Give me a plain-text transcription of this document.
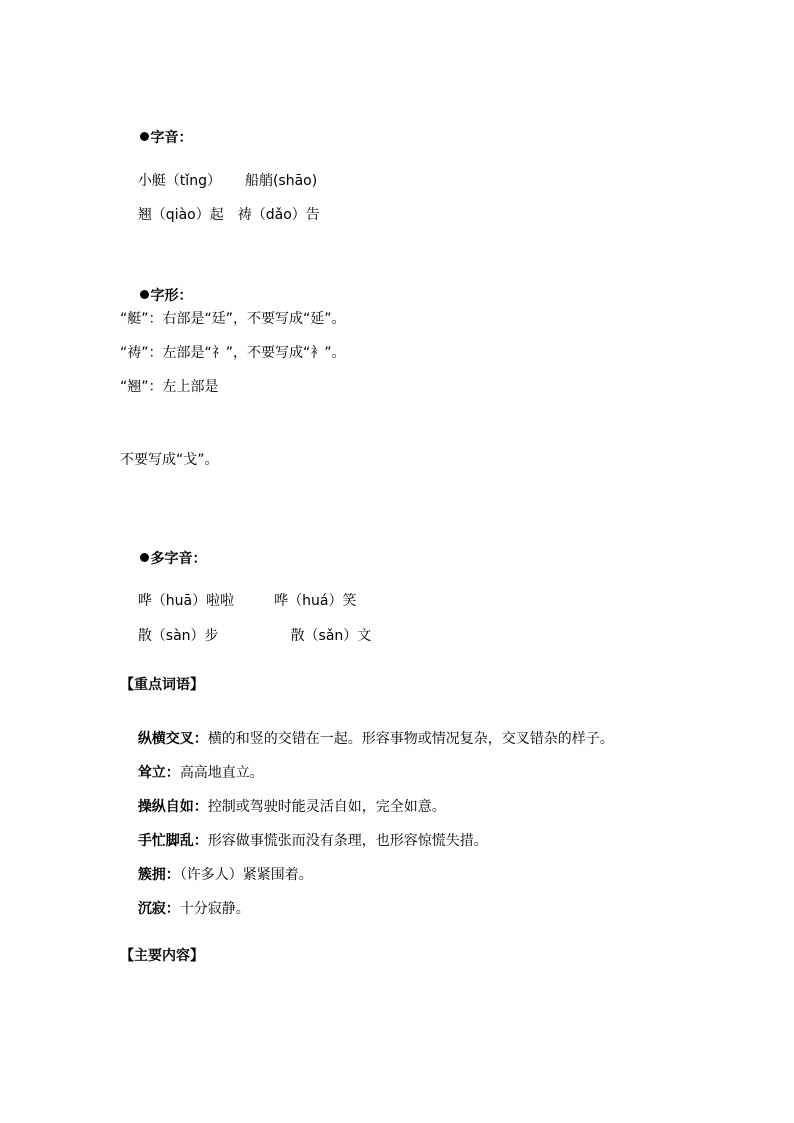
字音：

小艇（tǐng） 船艄(shāo)

翘（qiào）起 祷（dǎo）告

字形：

“艇”：右部是“廷”，不要写成“延”。
“祷”：左部是“礻”，不要写成“衤”。
“翘”：左上部是
不要写成“戈”。

多字音：

哗（huā）啦啦	哗（huá）笑

散（sàn）步	散（sǎn）文

【重点词语】

纵横交叉：横的和竖的交错在一起。形容事物或情况复杂，交叉错杂的样子。

耸立：高高地直立。

操纵自如：控制或驾驶时能灵活自如，完全如意。

手忙脚乱：形容做事慌张而没有条理，也形容惊慌失措。

簇拥：（许多人）紧紧围着。

沉寂：十分寂静。

【主要内容】
